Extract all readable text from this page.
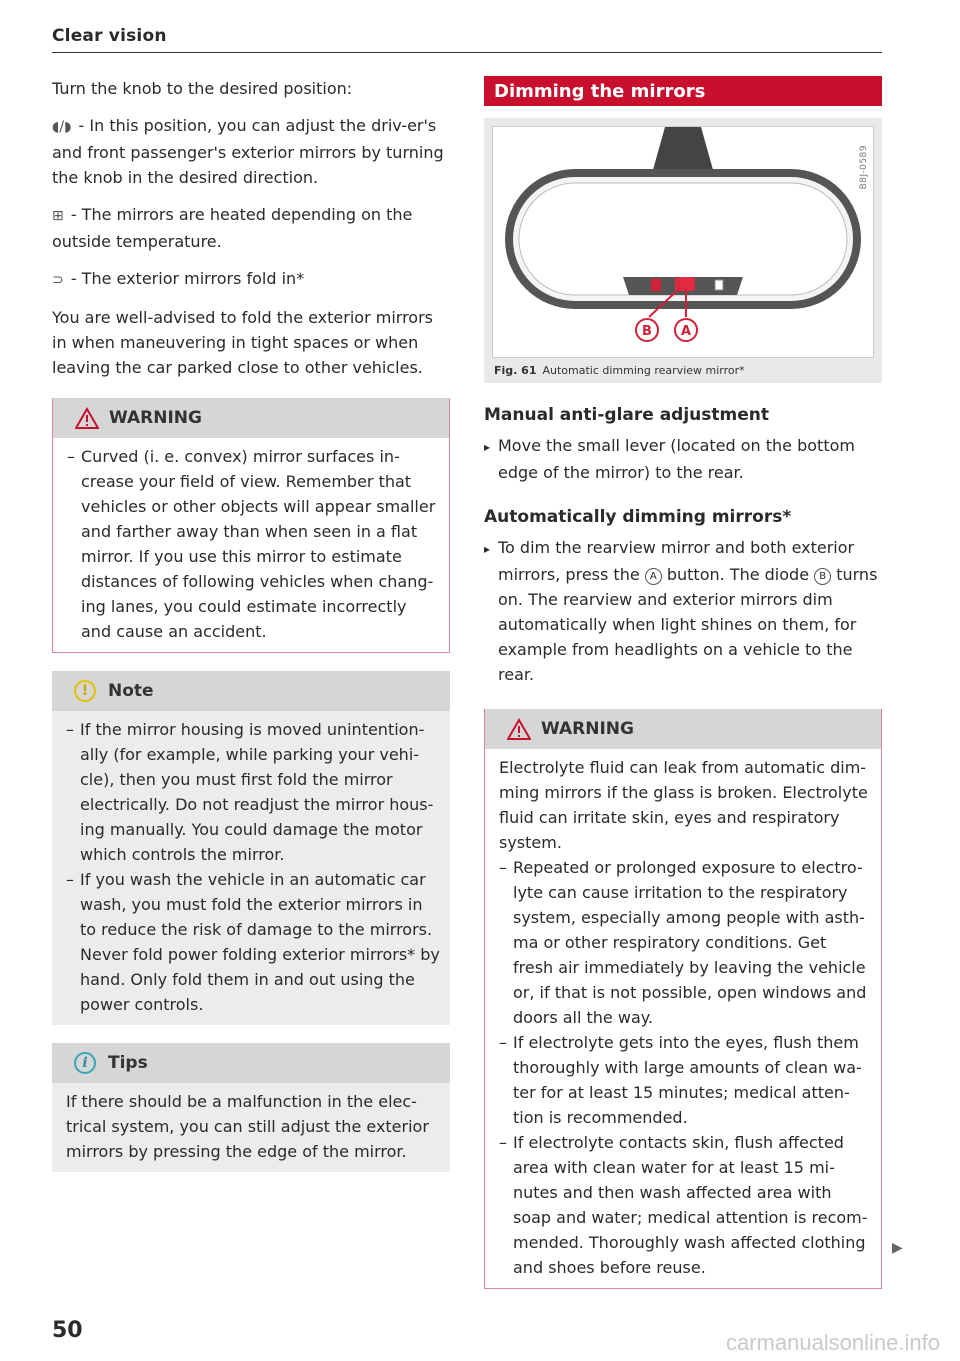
Clear vision

Turn the knob to the desired position:

◖/◗ - In this position, you can adjust the driv-er's and front passenger's exterior mirrors by turning the knob in the desired direction.

⊞ - The mirrors are heated depending on the outside temperature.

⊃ - The exterior mirrors fold in*

You are well-advised to fold the exterior mirrors in when maneuvering in tight spaces or when leaving the car parked close to other vehicles.

WARNING
– Curved (i. e. convex) mirror surfaces in-crease your field of view. Remember that vehicles or other objects will appear smaller and farther away than when seen in a flat mirror. If you use this mirror to estimate distances of following vehicles when chang-ing lanes, you could estimate incorrectly and cause an accident.
!	Note
– If the mirror housing is moved unintention-ally (for example, while parking your vehi-cle), then you must first fold the mirror electrically. Do not readjust the mirror hous-ing manually. You could damage the motor which controls the mirror.
– If you wash the vehicle in an automatic car wash, you must fold the exterior mirrors in to reduce the risk of damage to the mirrors. Never fold power folding exterior mirrors* by hand. Only fold them in and out using the power controls.
i	Tips

If there should be a malfunction in the elec-trical system, you can still adjust the exterior mirrors by pressing the edge of the mirror.

Dimming the mirrors
B A
B8J-0589
Fig. 61 Automatic dimming rearview mirror*
Manual anti-glare adjustment
▸ Move the small lever (located on the bottom edge of the mirror) to the rear.
Automatically dimming mirrors*
▸ To dim the rearview mirror and both exterior mirrors, press the A button. The diode B turns on. The rearview and exterior mirrors dim automatically when light shines on them, for example from headlights on a vehicle to the rear.
WARNING

Electrolyte fluid can leak from automatic dim-ming mirrors if the glass is broken. Electrolyte fluid can irritate skin, eyes and respiratory system.

– Repeated or prolonged exposure to electro-lyte can cause irritation to the respiratory system, especially among people with asth-ma or other respiratory conditions. Get fresh air immediately by leaving the vehicle or, if that is not possible, open windows and doors all the way.
– If electrolyte gets into the eyes, flush them thoroughly with large amounts of clean wa-ter for at least 15 minutes; medical atten-tion is recommended.
– If electrolyte contacts skin, flush affected area with clean water for at least 15 mi-nutes and then wash affected area with soap and water; medical attention is recom-mended. Thoroughly wash affected clothing and shoes before reuse.
▶
50	carmanualsonline.info
